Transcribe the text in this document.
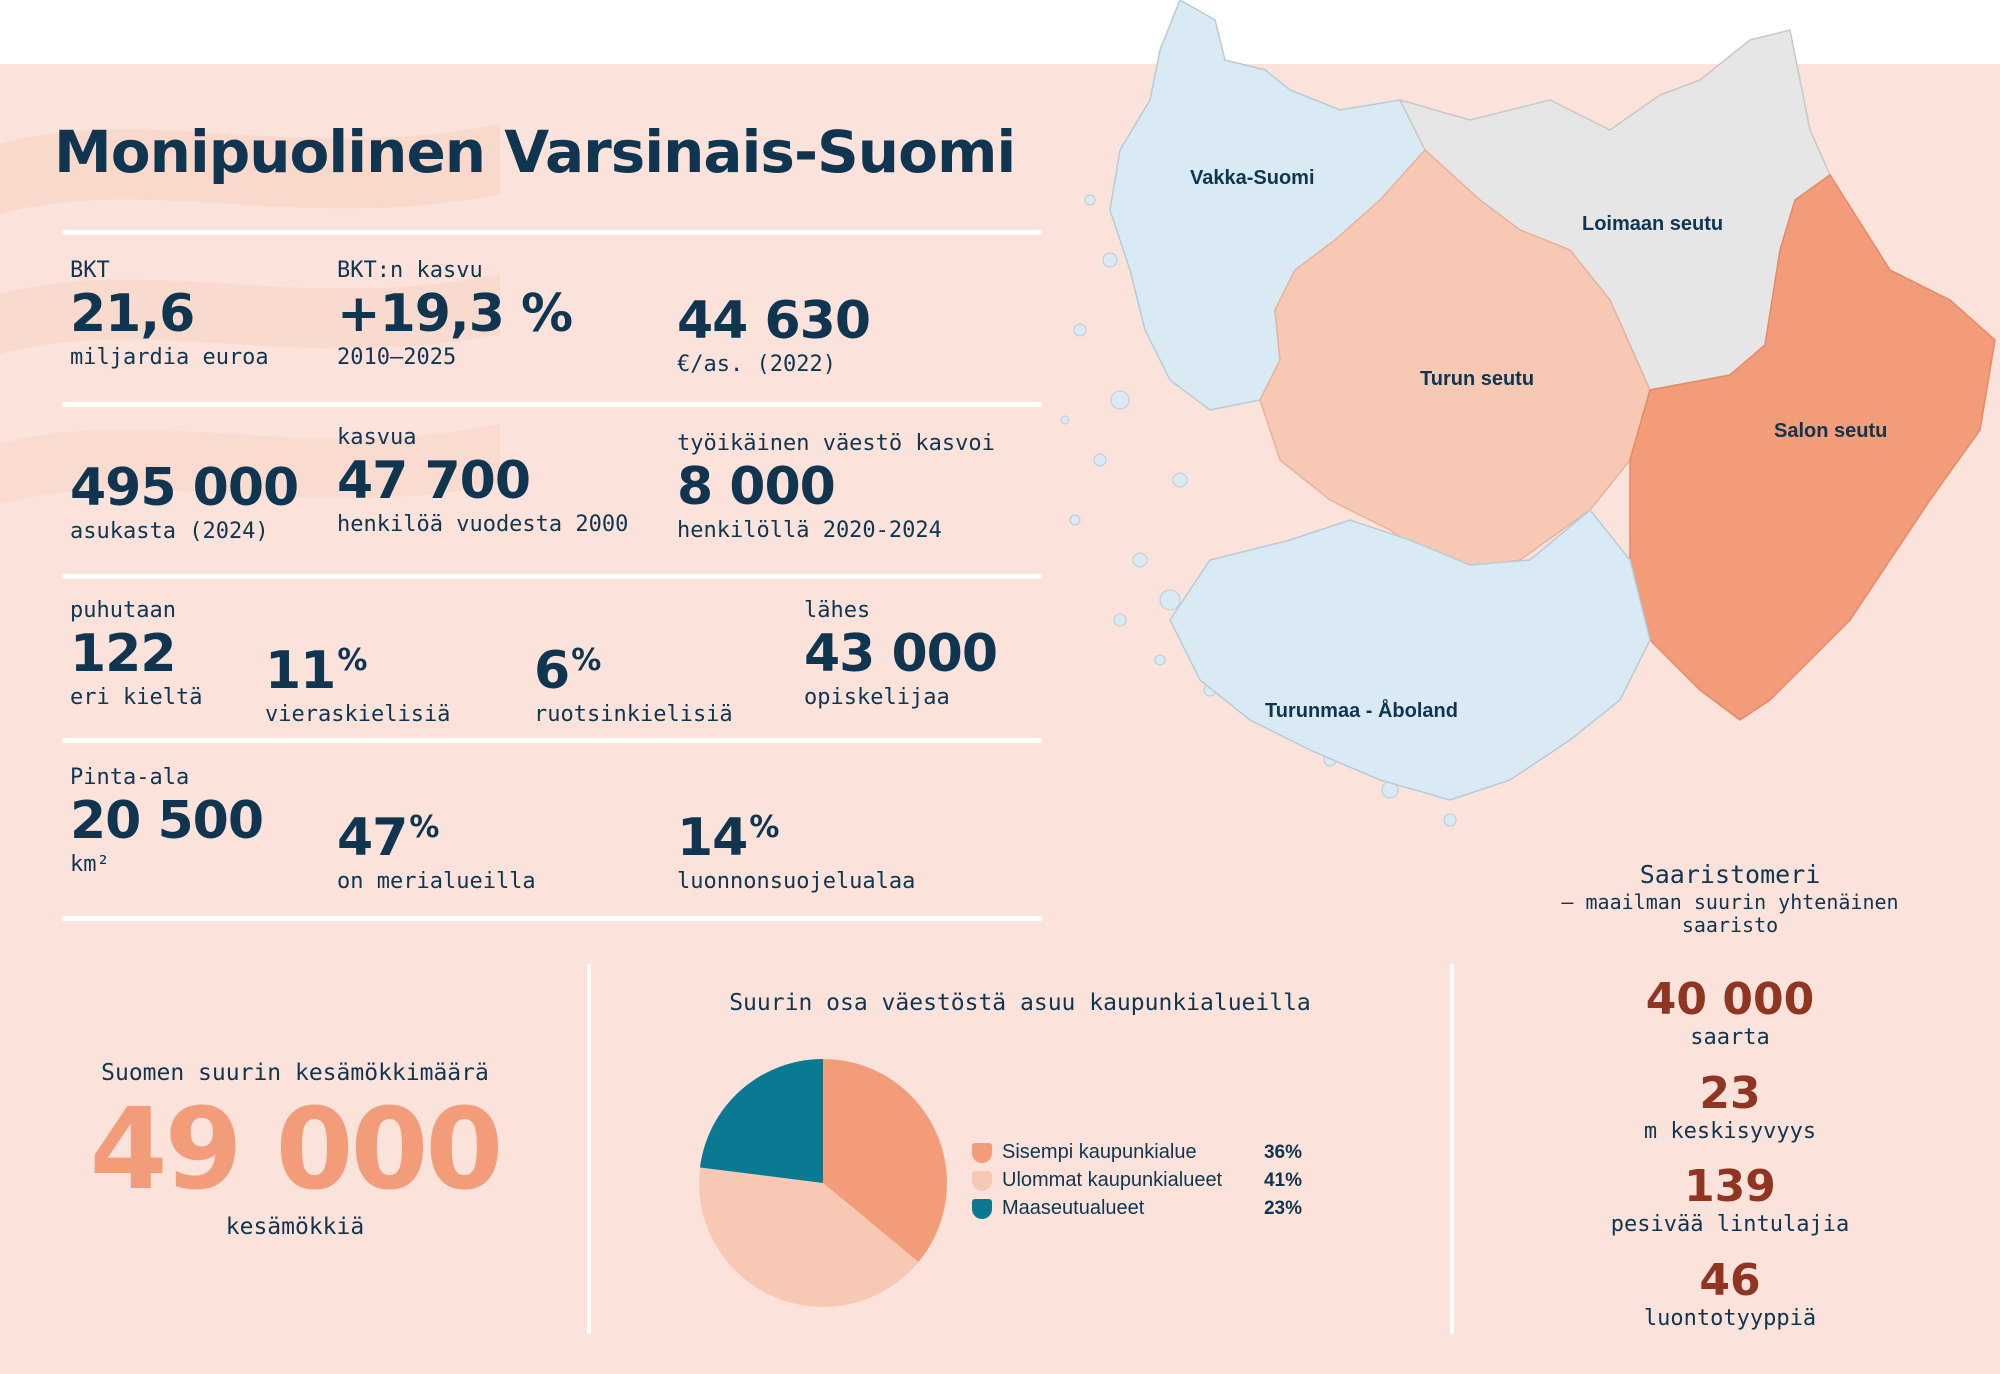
Monipuolinen Varsinais-Suomi
BKT
21,6
miljardia euroa
BKT:n kasvu
+19,3 %
2010–2025
44 630
€/as. (2022)
495 000
asukasta (2024)
kasvua
47 700
henkilöä vuodesta 2000
työikäinen väestö kasvoi
8 000
henkilöllä 2020-2024
puhutaan
122
eri kieltä 11%
vieraskielisiä
6%
ruotsinkielisiä
lähes
43 000
opiskelijaa
Pinta-ala
20 500
km²	47%
on merialueilla
14%
luonnonsuojelualaa
Vakka-Suomi
Loimaan seutu
Turun seutu
Salon seutu
Turunmaa - Åboland
Saaristomeri
– maailman suurin yhtenäinen saaristo
40 000
saarta
23
m keskisyvyys
139
pesivää lintulajia
46
luontotyyppiä
Suomen suurin kesämökkimäärä
49 000
kesämökkiä
Suurin osa väestöstä asuu kaupunkialueilla
Sisempi kaupunkialue	36%
Ulommat kaupunkialueet	41%
Maaseutualueet	23%
